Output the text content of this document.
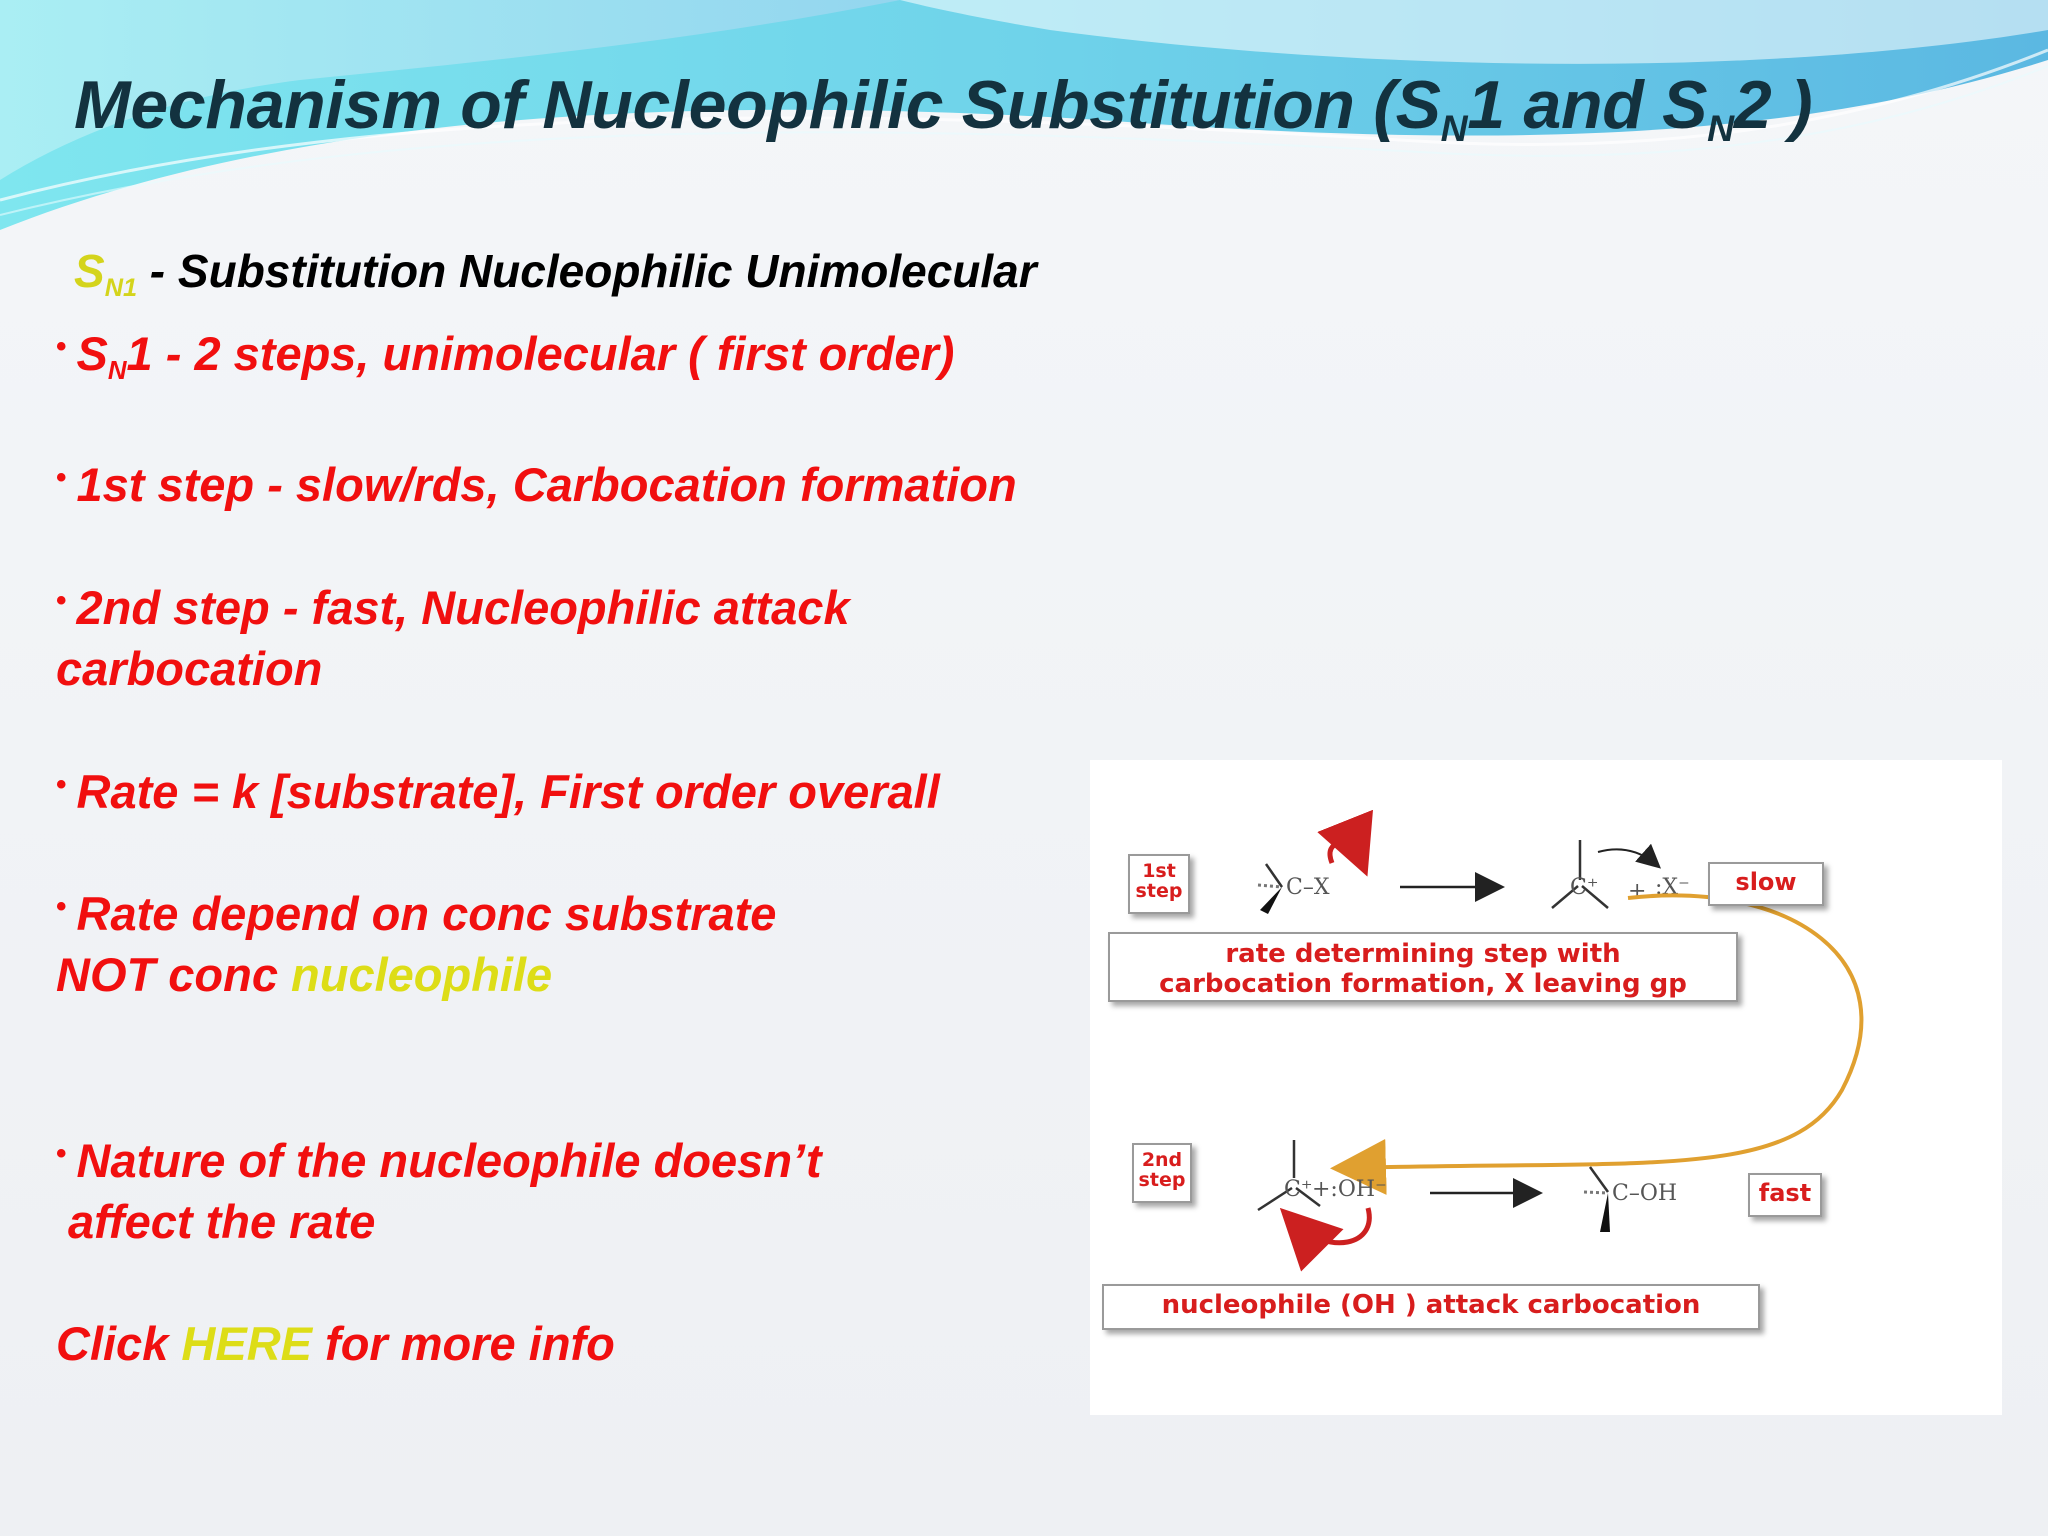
Mechanism of Nucleophilic Substitution ($S_N1$ and $S_N2$ )
$S_{N1}$ - Substitution Nucleophilic Unimolecular
• $S_N1 - 2$ steps, unimolecular ( first order)
• 1st step - slow/rds, Carbocation formation
• 2nd step - fast, Nucleophilic attack
carbocation
• Rate = k [substrate], First order overall
• Rate depend on conc substrate
NOT conc nucleophile
• Nature of the nucleophile doesn’t
affect the rate
Click HERE for more info
C–X	C⁺ + :X⁻
C⁺ +:OH⁻	C–OH
1st
step	slow
rate determining step with
carbocation formation, X leaving gp
2nd
step	fast
nucleophile (OH ) attack carbocation
